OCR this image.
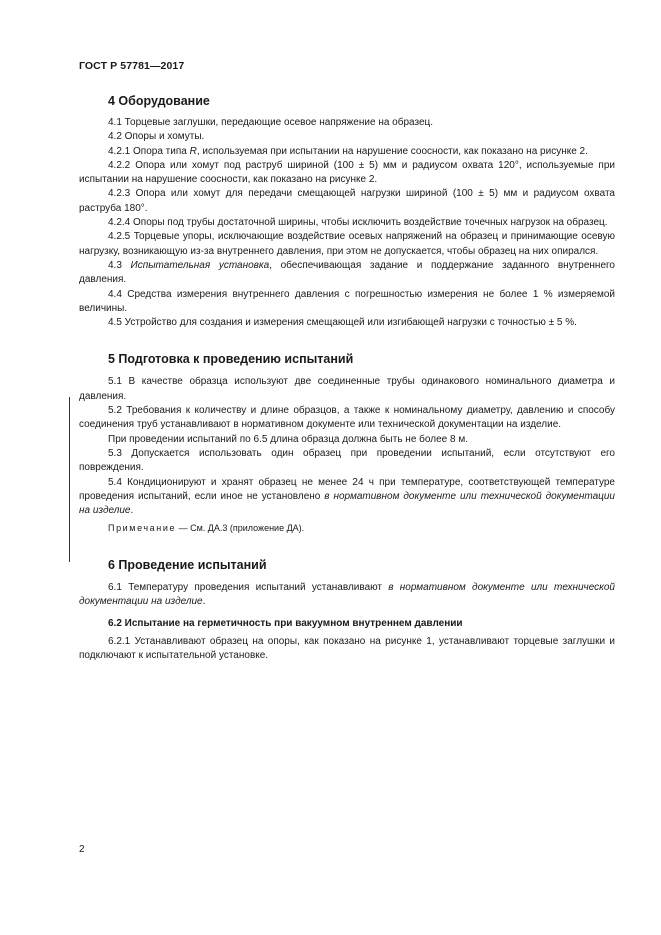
ГОСТ Р 57781—2017
4 Оборудование

4.1 Торцевые заглушки, передающие осевое напряжение на образец.

4.2 Опоры и хомуты.

4.2.1 Опора типа R, используемая при испытании на нарушение соосности, как показано на рисунке 2.

4.2.2 Опора или хомут под раструб шириной (100 ± 5) мм и радиусом охвата 120°, используемые при испытании на нарушение соосности, как показано на рисунке 2.

4.2.3 Опора или хомут для передачи смещающей нагрузки шириной (100 ± 5) мм и радиусом охвата раструба 180°.

4.2.4 Опоры под трубы достаточной ширины, чтобы исключить воздействие точечных нагрузок на образец.

4.2.5 Торцевые упоры, исключающие воздействие осевых напряжений на образец и принимающие осевую нагрузку, возникающую из-за внутреннего давления, при этом не допускается, чтобы образец на них опирался.

4.3 Испытательная установка, обеспечивающая задание и поддержание заданного внутреннего давления.

4.4 Средства измерения внутреннего давления с погрешностью измерения не более 1 % измеряемой величины.

4.5 Устройство для создания и измерения смещающей или изгибающей нагрузки с точностью ± 5 %.

5 Подготовка к проведению испытаний

5.1 В качестве образца используют две соединенные трубы одинакового номинального диаметра и давления.

5.2 Требования к количеству и длине образцов, а также к номинальному диаметру, давлению и способу соединения труб устанавливают в нормативном документе или технической документации на изделие.

При проведении испытаний по 6.5 длина образца должна быть не более 8 м.

5.3 Допускается использовать один образец при проведении испытаний, если отсутствуют его повреждения.

5.4 Кондиционируют и хранят образец не менее 24 ч при температуре, соответствующей температуре проведения испытаний, если иное не установлено в нормативном документе или технической документации на изделие.

Примечание — См. ДА.3 (приложение ДА).

6 Проведение испытаний

6.1 Температуру проведения испытаний устанавливают в нормативном документе или технической документации на изделие.

6.2 Испытание на герметичность при вакуумном внутреннем давлении

6.2.1 Устанавливают образец на опоры, как показано на рисунке 1, устанавливают торцевые заглушки и подключают к испытательной установке.

2
